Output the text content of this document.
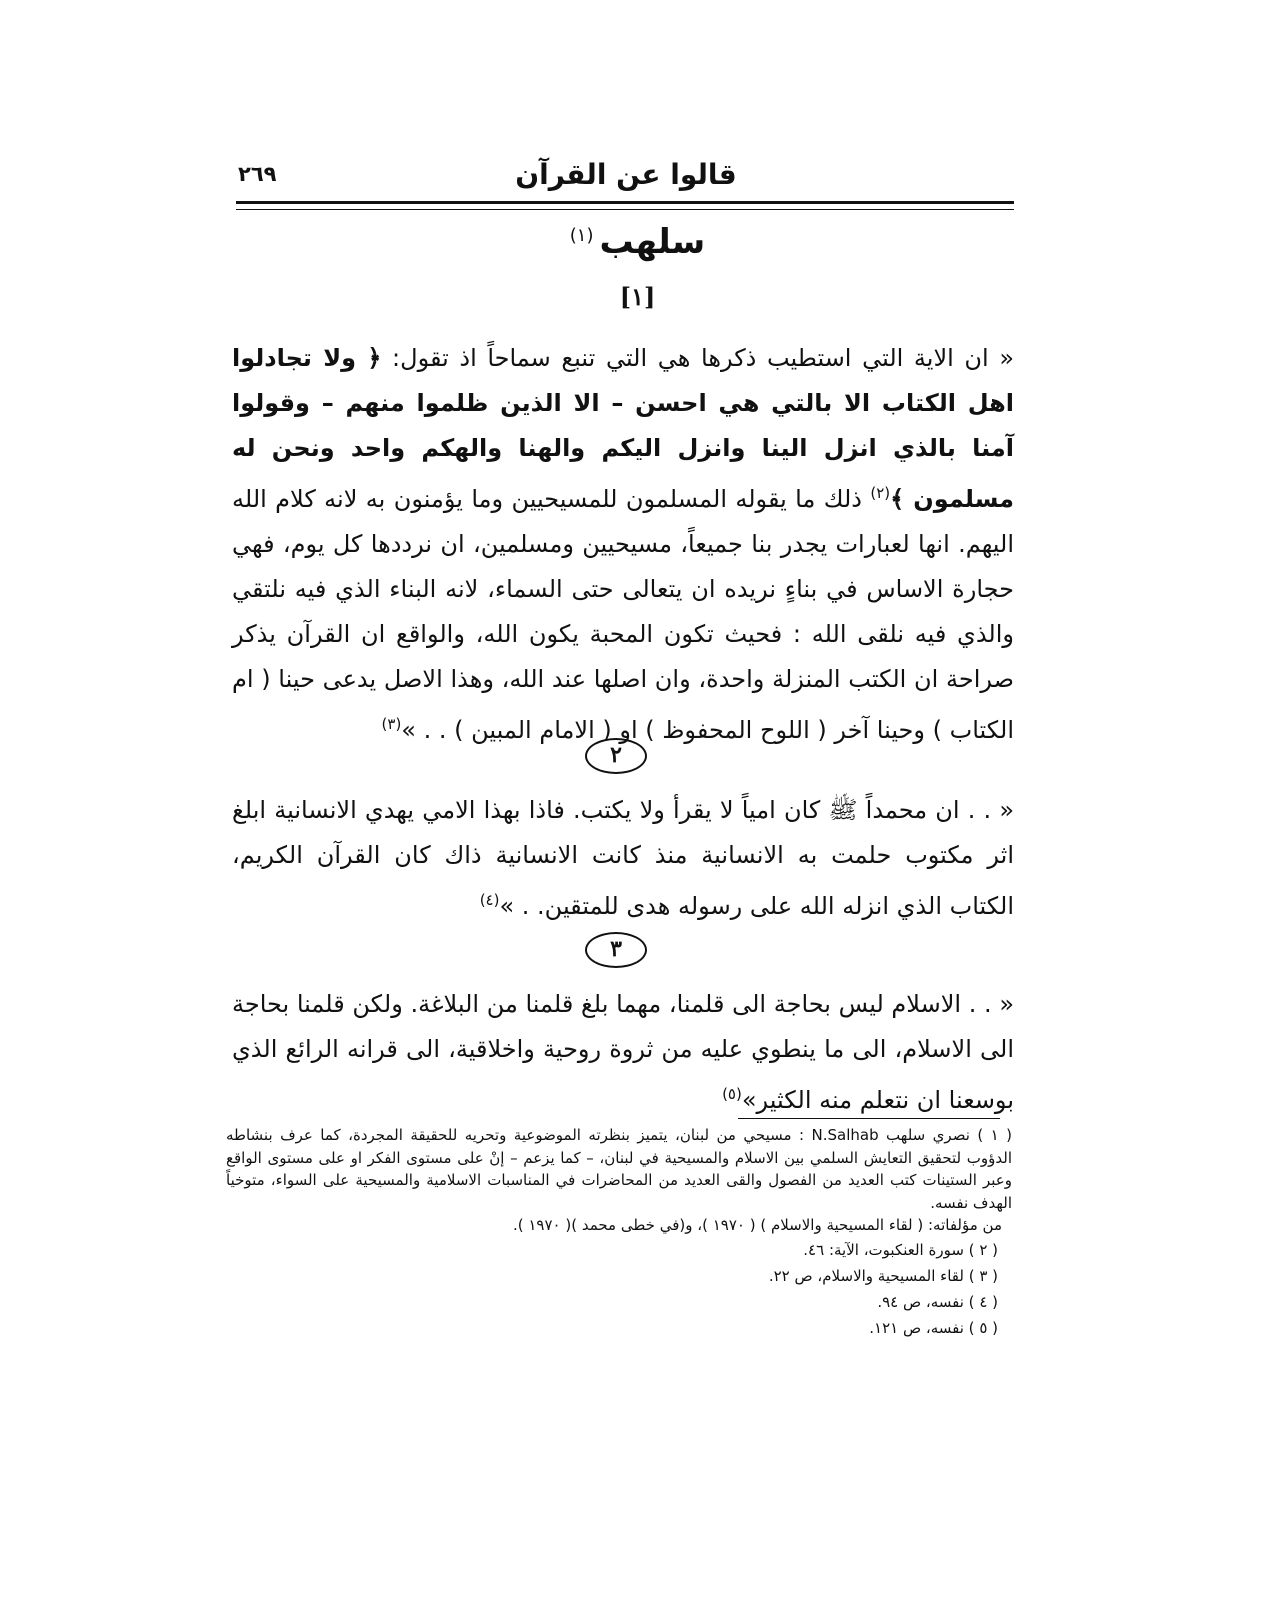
قالوا عن القرآن
٢٦٩
سلهب$^{(١)}$
[١]
« ان الاية التي استطيب ذكرها هي التي تنبع سماحاً اذ تقول: ﴿ ولا تجادلوا اهل الكتاب الا بالتي هي احسن – الا الذين ظلموا منهم – وقولوا آمنا بالذي انزل الينا وانزل اليكم والهنا والهكم واحد ونحن له مسلمون ﴾$^{(٢)}$ ذلك ما يقوله المسلمون للمسيحيين وما يؤمنون به لانه كلام الله اليهم. انها لعبارات يجدر بنا جميعاً، مسيحيين ومسلمين، ان نرددها كل يوم، فهي حجارة الاساس في بناءٍ نريده ان يتعالى حتى السماء، لانه البناء الذي فيه نلتقي والذي فيه نلقى الله : فحيث تكون المحبة يكون الله، والواقع ان القرآن يذكر صراحة ان الكتب المنزلة واحدة، وان اصلها عند الله، وهذا الاصل يدعى حينا ( ام الكتاب ) وحينا آخر ( اللوح المحفوظ ) او ( الامام المبين ) . . »$^{(٣)}$
٢
« . . ان محمداً ﷺ كان امياً لا يقرأ ولا يكتب. فاذا بهذا الامي يهدي الانسانية ابلغ اثر مكتوب حلمت به الانسانية منذ كانت الانسانية ذاك كان القرآن الكريم، الكتاب الذي انزله الله على رسوله هدى للمتقين. . »$^{(٤)}$
٣
« . . الاسلام ليس بحاجة الى قلمنا، مهما بلغ قلمنا من البلاغة. ولكن قلمنا بحاجة الى الاسلام، الى ما ينطوي عليه من ثروة روحية واخلاقية، الى قرانه الرائع الذي بوسعنا ان نتعلم منه الكثير»$^{(٥)}$

( ١ ) نصري سلهب N.Salhab : مسيحي من لبنان، يتميز بنظرته الموضوعية وتحريه للحقيقة المجردة، كما عرف بنشاطه الدؤوب لتحقيق التعايش السلمي بين الاسلام والمسيحية في لبنان، – كما يزعم – إنْ على مستوى الفكر او على مستوى الواقع وعبر الستينات كتب العديد من الفصول والقى العديد من المحاضرات في المناسبات الاسلامية والمسيحية على السواء، متوخياً الهدف نفسه.

من مؤلفاته: ( لقاء المسيحية والاسلام ) ( ١٩٧٠ )، و(في خطى محمد )( ١٩٧٠ ).

( ٢ ) سورة العنكبوت، الآية: ٤٦.

( ٣ ) لقاء المسيحية والاسلام، ص ٢٢.

( ٤ ) نفسه، ص ٩٤.

( ٥ ) نفسه، ص ١٢١.
